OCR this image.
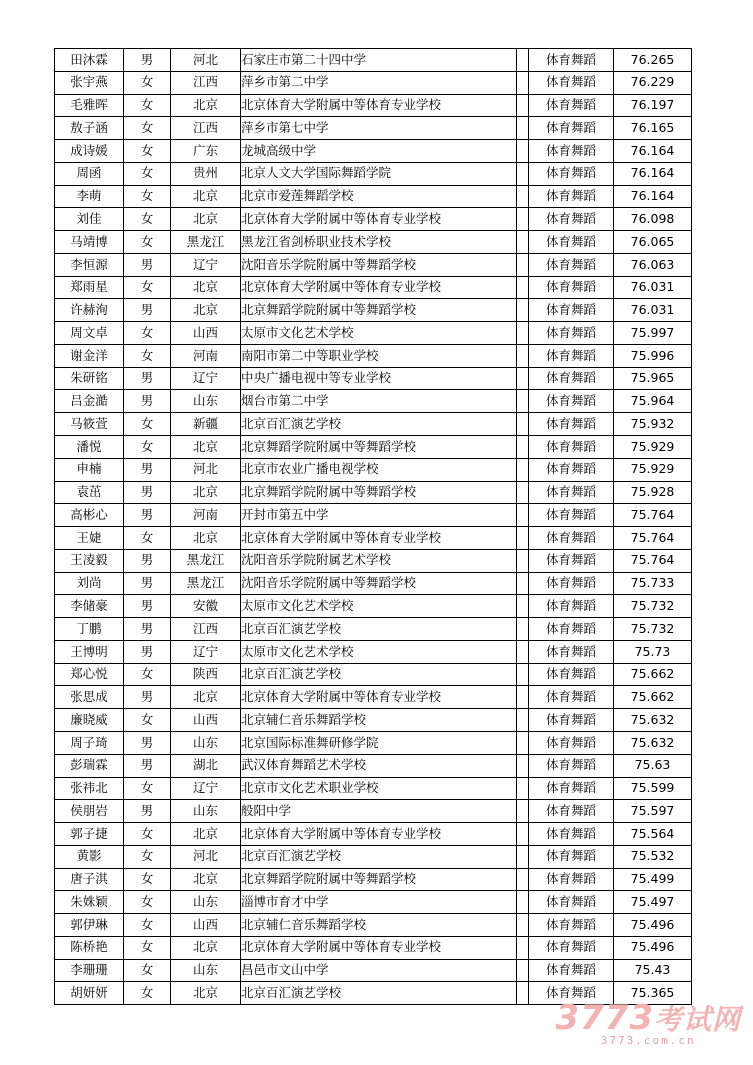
田沐霖	男	河北	石家庄市第二十四中学		体育舞蹈	76.265
张宇燕	女	江西	萍乡市第二中学		体育舞蹈	76.229
毛雅晖	女	北京	北京体育大学附属中等体育专业学校		体育舞蹈	76.197
敖子涵	女	江西	萍乡市第七中学		体育舞蹈	76.165
成诗媛	女	广东	龙城高级中学		体育舞蹈	76.164
周函	女	贵州	北京人文大学国际舞蹈学院		体育舞蹈	76.164
李萌	女	北京	北京市爱莲舞蹈学校		体育舞蹈	76.164
刘佳	女	北京	北京体育大学附属中等体育专业学校		体育舞蹈	76.098
马靖博	女	黑龙江	黑龙江省剑桥职业技术学校		体育舞蹈	76.065
李恒源	男	辽宁	沈阳音乐学院附属中等舞蹈学校		体育舞蹈	76.063
郑雨星	女	北京	北京体育大学附属中等体育专业学校		体育舞蹈	76.031
许赫洵	男	北京	北京舞蹈学院附属中等舞蹈学校		体育舞蹈	76.031
周文卓	女	山西	太原市文化艺术学校		体育舞蹈	75.997
谢金洋	女	河南	南阳市第二中等职业学校		体育舞蹈	75.996
朱研铭	男	辽宁	中央广播电视中等专业学校		体育舞蹈	75.965
吕金澔	男	山东	烟台市第二中学		体育舞蹈	75.964
马筱萱	女	新疆	北京百汇演艺学校		体育舞蹈	75.932
潘悦	女	北京	北京舞蹈学院附属中等舞蹈学校		体育舞蹈	75.929
申楠	男	河北	北京市农业广播电视学校		体育舞蹈	75.929
袁茁	男	北京	北京舞蹈学院附属中等舞蹈学校		体育舞蹈	75.928
高彬心	男	河南	开封市第五中学		体育舞蹈	75.764
王婕	女	北京	北京体育大学附属中等体育专业学校		体育舞蹈	75.764
王凌毅	男	黑龙江	沈阳音乐学院附属艺术学校		体育舞蹈	75.764
刘尚	男	黑龙江	沈阳音乐学院附属中等舞蹈学校		体育舞蹈	75.733
李储豪	男	安徽	太原市文化艺术学校		体育舞蹈	75.732
丁鹏	男	江西	北京百汇演艺学校		体育舞蹈	75.732
王博明	男	辽宁	太原市文化艺术学校		体育舞蹈	75.73
郑心悦	女	陕西	北京百汇演艺学校		体育舞蹈	75.662
张思成	男	北京	北京体育大学附属中等体育专业学校		体育舞蹈	75.662
廉晓威	女	山西	北京辅仁音乐舞蹈学校		体育舞蹈	75.632
周子琦	男	山东	北京国际标准舞研修学院		体育舞蹈	75.632
彭瑞霖	男	湖北	武汉体育舞蹈艺术学校		体育舞蹈	75.63
张祎北	女	辽宁	北京市文化艺术职业学校		体育舞蹈	75.599
侯朋岩	男	山东	般阳中学		体育舞蹈	75.597
郭子捷	女	北京	北京体育大学附属中等体育专业学校		体育舞蹈	75.564
黄影	女	河北	北京百汇演艺学校		体育舞蹈	75.532
唐子淇	女	北京	北京舞蹈学院附属中等舞蹈学校		体育舞蹈	75.499
朱姝颖	女	山东	淄博市育才中学		体育舞蹈	75.497
郭伊琳	女	山西	北京辅仁音乐舞蹈学校		体育舞蹈	75.496
陈桥艳	女	北京	北京体育大学附属中等体育专业学校		体育舞蹈	75.496
李珊珊	女	山东	昌邑市文山中学		体育舞蹈	75.43
胡妍妍	女	北京	北京百汇演艺学校		体育舞蹈	75.365
3773考试网
3773.com.cn
